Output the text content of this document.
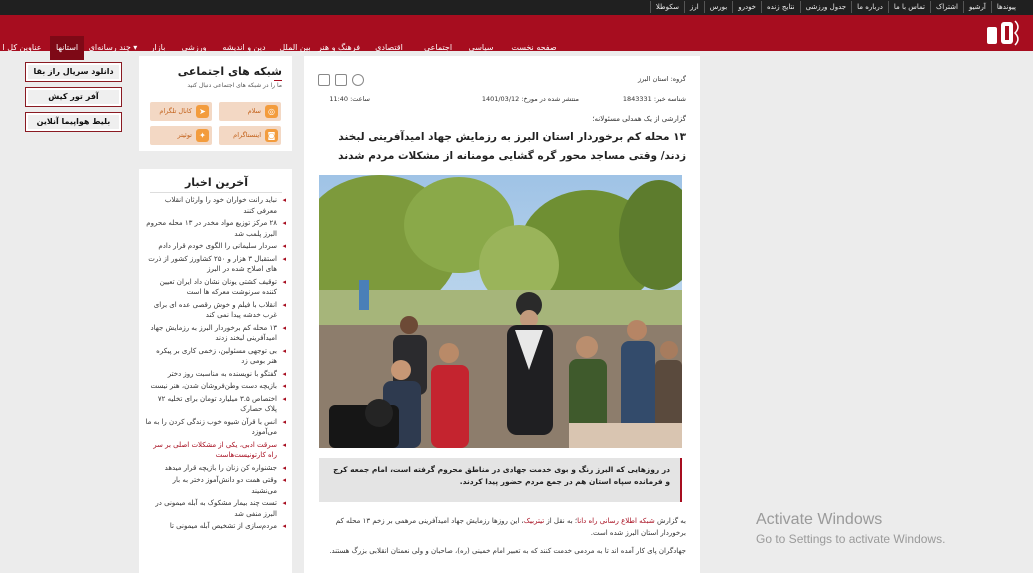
سکوطلا	ارز	بورس	خودرو	نتایج زنده	جدول ورزشی	درباره ما	تماس با ما	اشتراک	آرشیو	پیوندها
صفحه نخست
سیاسی
اجتماعی
اقتصادی
فرهنگ و هنر
بین الملل
دین و اندیشه
ورزشی
بازار
چند رسانه‌ای ▾
استانها
عناوین کل ا
دانلود سریال راز بقا
آفر تور کیش
بلیط هواپیما آنلاین
شبکه های اجتماعی
ما را در شبکه های اجتماعی دنبال کنید
◎
سلام
➤
کانال تلگرام
◙
اینستاگرام
✦
توئیتر
آخرین اخبار
◂ نباید رانت خواران خود را وارثان انقلاب معرفی کنند
◂ ۲۸ مرکز توزیع مواد مخدر در ۱۳ محله محروم البرز پلمب شد
◂ سردار سلیمانی را الگوی خودم قرار دادم
◂ استقبال ۳ هزار و ۲۵۰ کشاورز کشور از ذرت های اصلاح شده در البرز
◂ توقیف کشتی یونان نشان داد ایران تعیین کننده سرنوشت معرکه ها است
◂ انقلاب با فیلم و خوش رقصی عده ای برای غرب خدشه پیدا نمی کند
◂ ۱۳ محله کم برخوردار البرز به رزمایش جهاد امیدآفرینی لبخند زدند
◂ بی توجهی مسئولین، زخمی کاری بر پیکره هنر بومی زد
◂ گفتگو با نویسنده به مناسبت روز دختر
◂ بازیچه دست وطن‌فروشان شدن، هنر نیست
◂ اختصاص ۳.۵ میلیارد تومان برای تخلیه ۷۲ پلاک حصارک
◂ انس با قرآن شیوه خوب زندگی کردن را به ما می‌آموزد
◂ سرقت ادبی، یکی از مشکلات اصلی بر سر راه کارتونیست‌هاست
◂ جشنواره کن زنان را بازیچه قرار میدهد
◂ وقتی همت دو دانش‌آموز دختر به بار می‌نشیند
◂ تست چند بیمار مشکوک به آبله میمونی در البرز منفی شد
◂ مردم‌سازی از تشخیص آبله میمونی تا
گروه: استان البرز
شناسه خبر: 1843331
منتشر شده در مورخ: 1401/03/12
ساعت: 11:40
گزارشی از یک همدلی مسئولانه؛
۱۳ محله کم برخوردار استان البرز به رزمایش جهاد امیدآفرینی لبخند زدند/ وقتی مساجد محور گره گشایی مومنانه از مشکلات مردم شدند
در روزهایی که البرز رنگ و بوی خدمت جهادی در مناطق محروم گرفته است، امام جمعه کرج و فرمانده سپاه استان هم در جمع مردم حضور پیدا کردند.
به گزارش شبکه اطلاع رسانی راه دانا؛ به نقل از تیتربیک، این روزها رزمایش جهاد امیدآفرینی مرهمی بر زخم ۱۳ محله کم برخوردار استان البرز شده است.
جهادگران پای کار آمده اند تا به مردمی خدمت کنند که به تعبیر امام خمینی (ره)، صاحبان و ولی نعمتان انقلابی بزرگ هستند.
Activate Windows
Go to Settings to activate Windows.
